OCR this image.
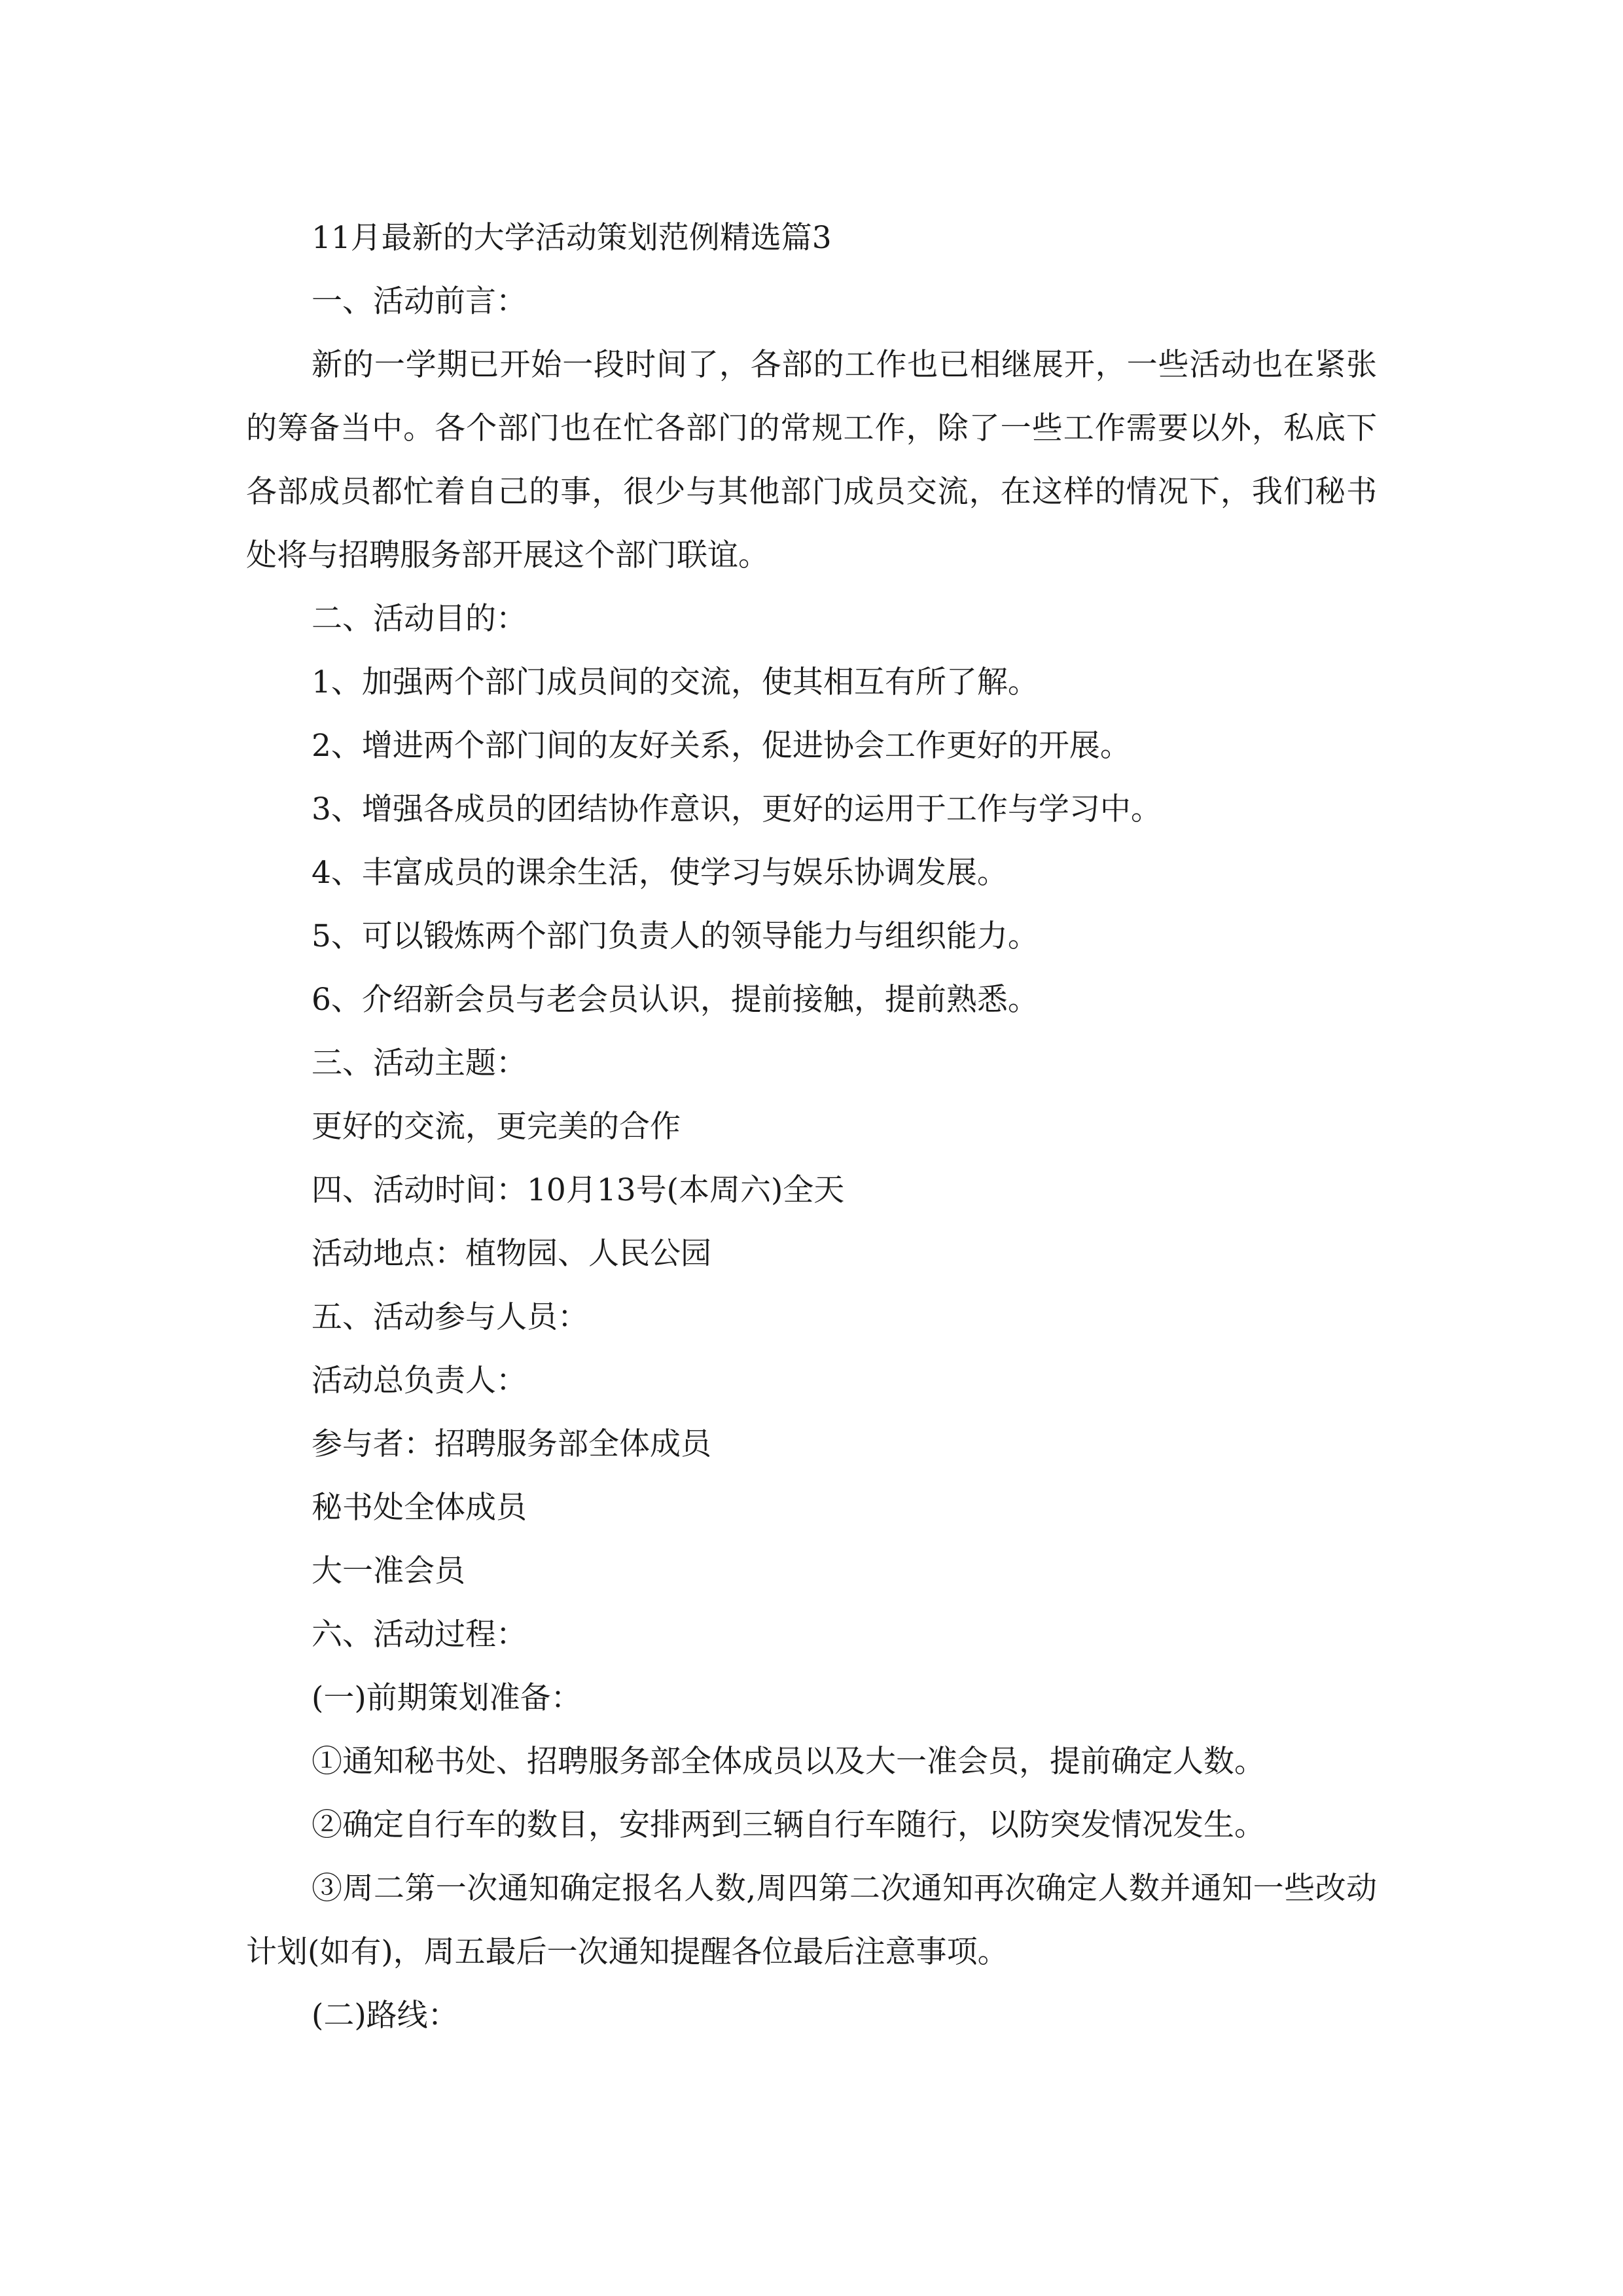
11月最新的大学活动策划范例精选篇3

一、活动前言：

新的一学期已开始一段时间了，各部的工作也已相继展开，一些活动也在紧张的筹备当中。各个部门也在忙各部门的常规工作，除了一些工作需要以外，私底下各部成员都忙着自己的事，很少与其他部门成员交流，在这样的情况下，我们秘书处将与招聘服务部开展这个部门联谊。

二、活动目的：

1、加强两个部门成员间的交流，使其相互有所了解。

2、增进两个部门间的友好关系，促进协会工作更好的开展。

3、增强各成员的团结协作意识，更好的运用于工作与学习中。

4、丰富成员的课余生活，使学习与娱乐协调发展。

5、可以锻炼两个部门负责人的领导能力与组织能力。

6、介绍新会员与老会员认识，提前接触，提前熟悉。

三、活动主题：

更好的交流，更完美的合作

四、活动时间：10月13号(本周六)全天

活动地点：植物园、人民公园

五、活动参与人员：

活动总负责人：

参与者：招聘服务部全体成员

秘书处全体成员

大一准会员

六、活动过程：

(一)前期策划准备：

①通知秘书处、招聘服务部全体成员以及大一准会员，提前确定人数。

②确定自行车的数目，安排两到三辆自行车随行，以防突发情况发生。

③周二第一次通知确定报名人数,周四第二次通知再次确定人数并通知一些改动计划(如有)，周五最后一次通知提醒各位最后注意事项。

(二)路线：
